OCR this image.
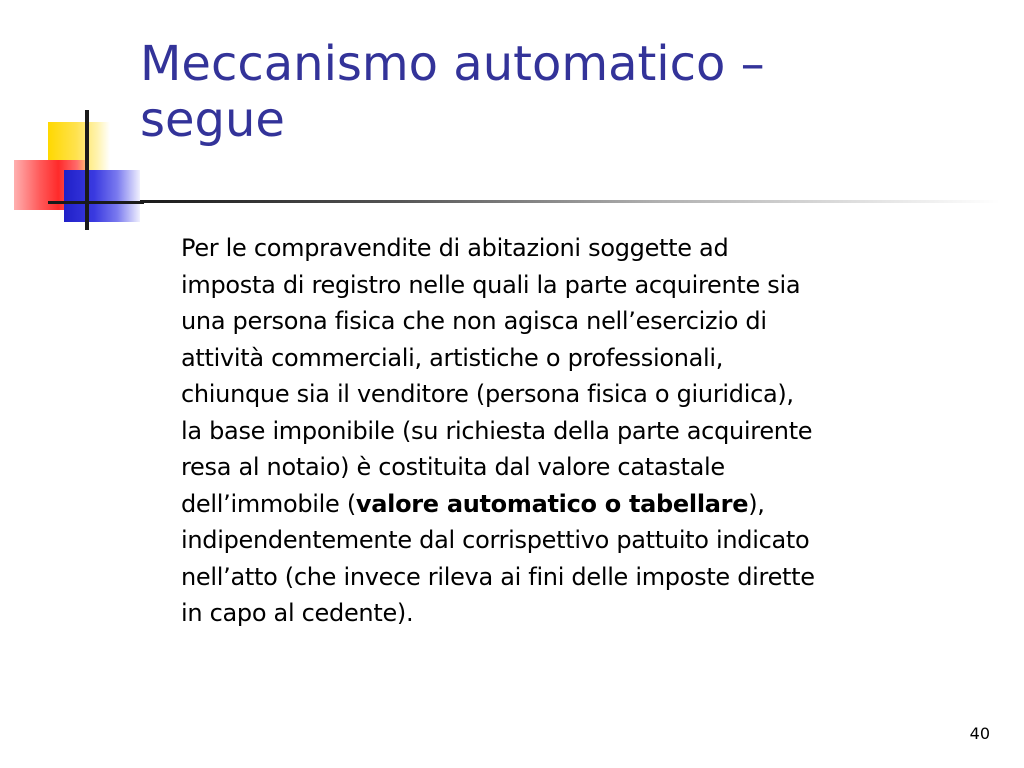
Meccanismo automatico –
segue

Per le compravendite di abitazioni soggette ad
imposta di registro nelle quali la parte acquirente sia
una persona fisica che non agisca nell’esercizio di
attività commerciali, artistiche o professionali,
chiunque sia il venditore (persona fisica o giuridica),
la base imponibile (su richiesta della parte acquirente
resa al notaio) è costituita dal valore catastale
dell’immobile (valore automatico o tabellare),
indipendentemente dal corrispettivo pattuito indicato
nell’atto (che invece rileva ai fini delle imposte dirette
in capo al cedente).

40
